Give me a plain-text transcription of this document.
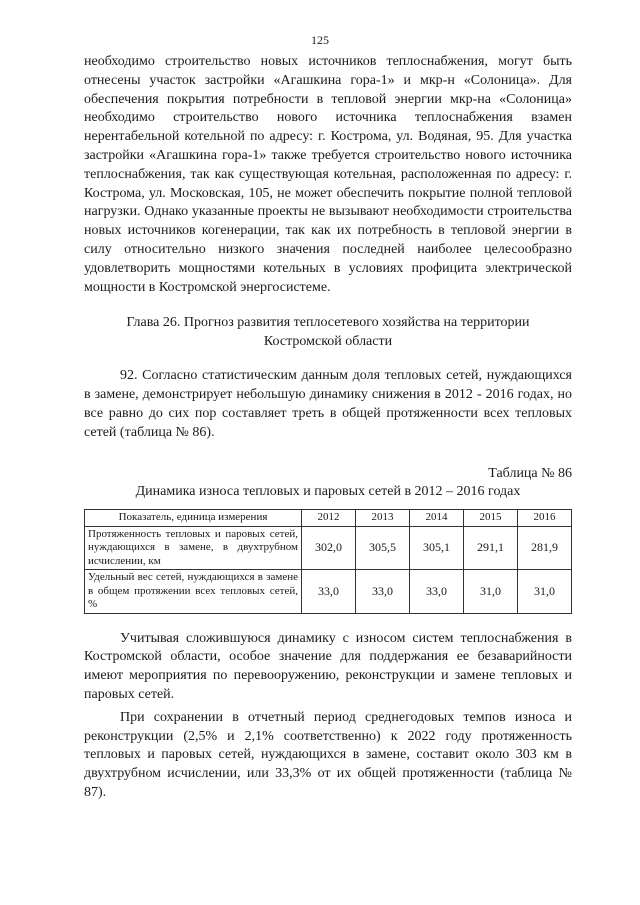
125

необходимо строительство новых источников теплоснабжения, могут быть отнесены участок застройки «Агашкина гора-1» и мкр-н «Солоница». Для обеспечения покрытия потребности в тепловой энергии мкр-на «Солоница» необходимо строительство нового источника теплоснабжения взамен нерентабельной котельной по адресу: г. Кострома, ул. Водяная, 95. Для участка застройки «Агашкина гора-1» также требуется строительство нового источника теплоснабжения, так как существующая котельная, расположенная по адресу: г. Кострома, ул. Московская, 105, не может обеспечить покрытие полной тепловой нагрузки. Однако указанные проекты не вызывают необходимости строительства новых источников когенерации, так как их потребность в тепловой энергии в силу относительно низкого значения последней наиболее целесообразно удовлетворить мощностями котельных в условиях профицита электрической мощности в Костромской энергосистеме.

Глава 26. Прогноз развития теплосетевого хозяйства на территории Костромской области

92. Согласно статистическим данным доля тепловых сетей, нуждающихся в замене, демонстрирует небольшую динамику снижения в 2012 - 2016 годах, но все равно до сих пор составляет треть в общей протяженности всех тепловых сетей (таблица № 86).

Таблица № 86

Динамика износа тепловых и паровых сетей в 2012 – 2016 годах

Показатель, единица измерения	2012	2013	2014	2015	2016
Протяженность тепловых и паровых сетей, нуждающихся в замене, в двухтрубном исчислении, км	302,0	305,5	305,1	291,1	281,9
Удельный вес сетей, нуждающихся в замене в общем протяжении всех тепловых сетей, %	33,0	33,0	33,0	31,0	31,0

Учитывая сложившуюся динамику с износом систем теплоснабжения в Костромской области, особое значение для поддержания ее безаварийности имеют мероприятия по перевооружению, реконструкции и замене тепловых и паровых сетей.

При сохранении в отчетный период среднегодовых темпов износа и реконструкции (2,5% и 2,1% соответственно) к 2022 году протяженность тепловых и паровых сетей, нуждающихся в замене, составит около 303 км в двухтрубном исчислении, или 33,3% от их общей протяженности (таблица № 87).
